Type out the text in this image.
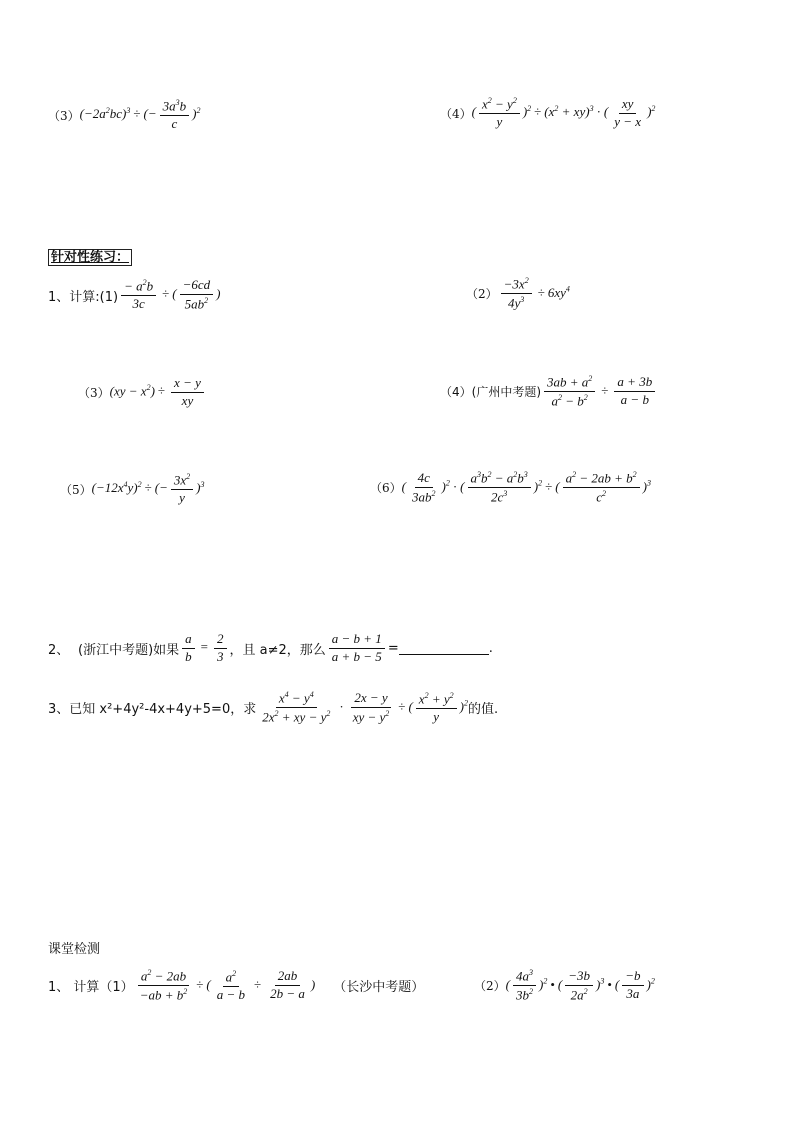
（3） $(-2a^2bc)^3$ ÷ (− $\frac{3a^3b}{c} )^2$	（4） ( $\frac{x^2 - y^2}{y} )^2 \div (x^2 + xy)^3$ · ( $\frac{xy}{y - x} )^2$
针对性练习：
1、计算:(1) $\frac{- a^2b}{3c}$ ÷ ( $\frac{-6cd}{5ab^2}$ )	$(2) \frac{-3x^2}{4y^3} \div 6xy^4$
（3） $(xy - x^2) \div \frac{x - y}{xy}$	（4）(广州中考题) $\frac{3ab + a^2}{a^2 - b^2} \div \frac{a + 3b}{a - b}$
（5） $(-12x^4y)^2$ ÷ (− $\frac{3x^2}{y} )^3$	（6） ( $\frac{4c}{3ab^2} )^2$ · ( $\frac{a^3b^2 - a^2b^3}{2c^3} )^2$ ÷ ( $\frac{a^2 - 2ab + b^2}{c^2} )^3$
2、 (浙江中考题)如果 $\frac{a}{b} = \frac{2}{3}$ ，且 a≠2，那么 $\frac{a - b + 1}{a + b - 5}$ =	.
3、已知 x²+4y²-4x+4y+5=0，求 $\frac{x^4 - y^4}{2x^2 + xy - y^2} \cdot \frac{2x - y}{xy - y^2}$ ÷ ( $\frac{x^2 + y^2}{y} )^2$ 的值.
课堂检测
1、 计算$(1) \frac{a^2 - 2ab}{-ab + b^2}$ ÷ ( $\frac{a^2}{a - b} \div \frac{2ab}{2b - a}$ ) （长沙中考题）	（2） ( $\frac{4a^3}{3b^2} )^2$ • ( $\frac{-3b}{2a^2} )^3$ • ( $\frac{-b}{3a} )^2$
